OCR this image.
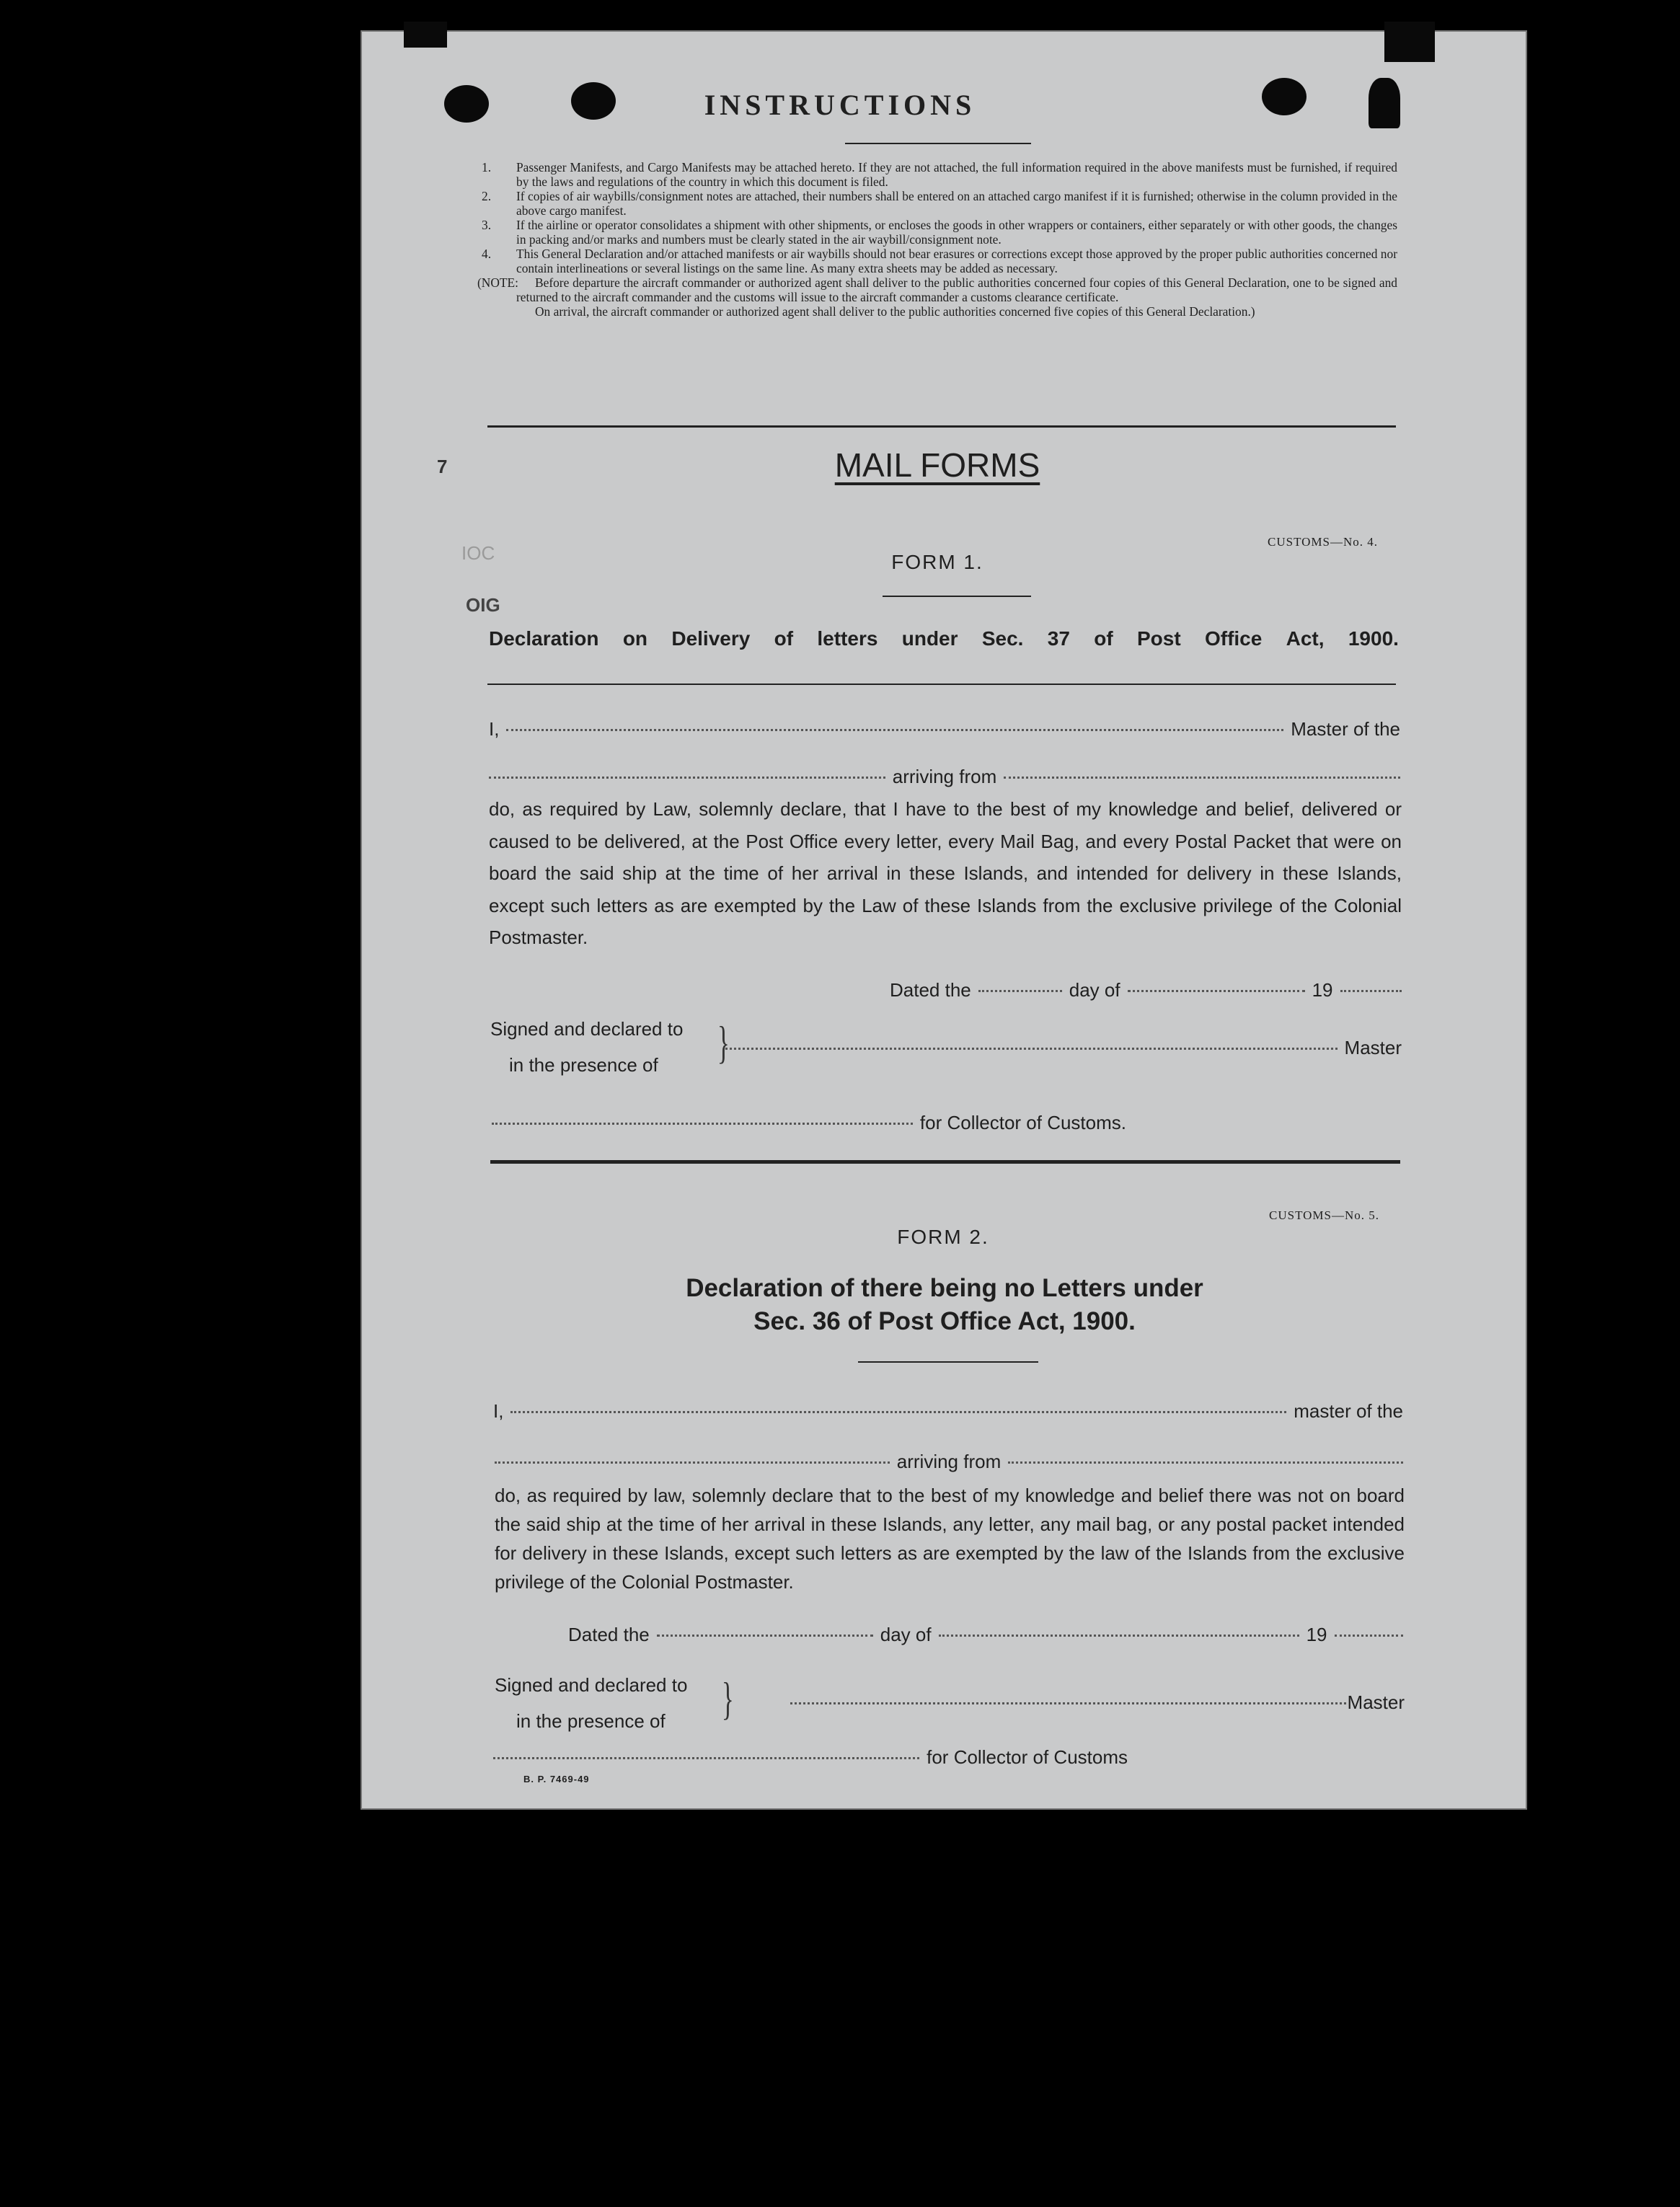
7
IOC
OIG
INSTRUCTIONS
1. Passenger Manifests, and Cargo Manifests may be attached hereto. If they are not attached, the full information required in the above manifests must be furnished, if required by the laws and regulations of the country in which this document is filed.
2. If copies of air waybills/consignment notes are attached, their numbers shall be entered on an attached cargo manifest if it is furnished; otherwise in the column provided in the above cargo manifest.
3. If the airline or operator consolidates a shipment with other shipments, or encloses the goods in other wrappers or containers, either separately or with other goods, the changes in packing and/or marks and numbers must be clearly stated in the air waybill/consignment note.
4. This General Declaration and/or attached manifests or air waybills should not bear erasures or corrections except those approved by the proper public authorities concerned nor contain interlineations or several listings on the same line. As many extra sheets may be added as necessary.
(NOTE: Before departure the aircraft commander or authorized agent shall deliver to the public authorities concerned four copies of this General Declaration, one to be signed and returned to the aircraft commander and the customs will issue to the aircraft commander a customs clearance certificate.
On arrival, the aircraft commander or authorized agent shall deliver to the public authorities concerned five copies of this General Declaration.)
MAIL FORMS
CUSTOMS—No. 4.
FORM 1.
Declaration on Delivery of letters under Sec. 37 of Post Office Act, 1900.
I,	Master of the
arriving from
do, as required by Law, solemnly declare, that I have to the best of my knowledge and belief, delivered or caused to be delivered, at the Post Office every letter, every Mail Bag, and every Postal Packet that were on board the said ship at the time of her arrival in these Islands, and intended for delivery in these Islands, except such letters as are exempted by the Law of these Islands from the exclusive privilege of the Colonial Postmaster.
Dated the	day of	19
Signed and declared to
in the presence of }	Master
for Collector of Customs.
CUSTOMS—No. 5.
FORM 2.
Declaration of there being no Letters under
Sec. 36 of Post Office Act, 1900.
I,	master of the
arriving from
do, as required by law, solemnly declare that to the best of my knowledge and belief there was not on board the said ship at the time of her arrival in these Islands, any letter, any mail bag, or any postal packet intended for delivery in these Islands, except such letters as are exempted by the law of the Islands from the exclusive privilege of the Colonial Postmaster.
Dated the	day of	19
Signed and declared to
in the presence of }	Master
for Collector of Customs
B. P. 7469-49
